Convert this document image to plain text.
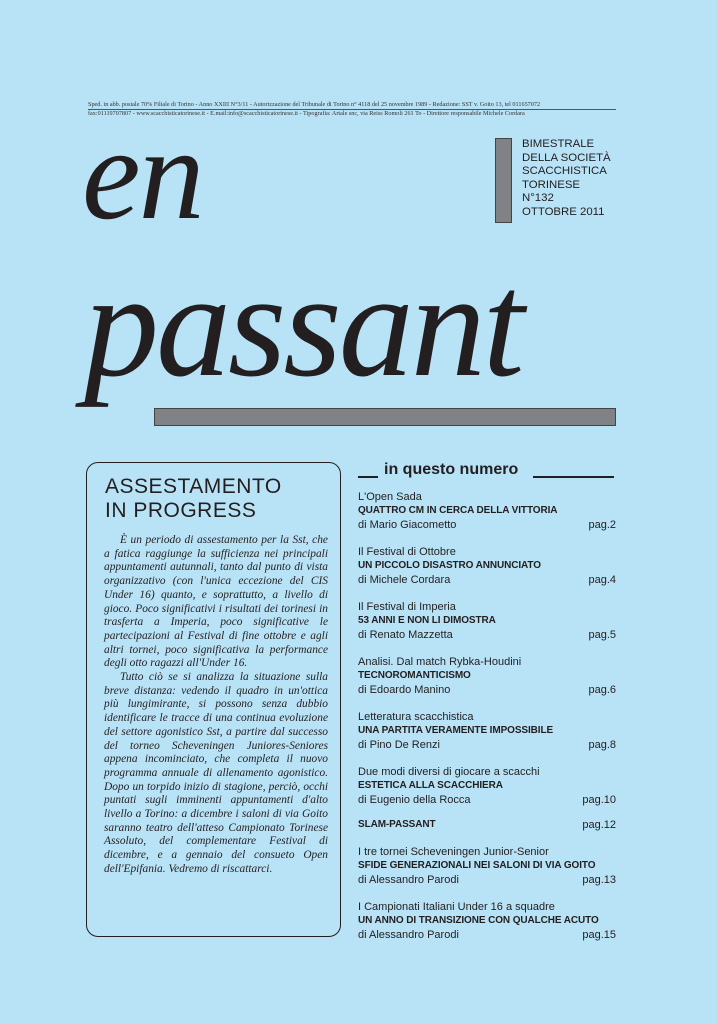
Sped. in abb. postale 70% Filiale di Torino - Anno XXIII N°3/11 - Autorizzazione del Tribunale di Torino n° 4118 del 25 novembre 1989 - Redazione: SST v. Goito 13, tel 011657072
fax:01119707807 - www.scacchisticatorinese.it - E.mail:info@scacchisticatorinese.it - Tipografia: Artale snc, via Reiss Romoli 261 To - Direttore responsabile Michele Cordara
en	BIMESTRALE
DELLA SOCIETÀ
SCACCHISTICA
TORINESE
N°132
OTTOBRE 2011
passant
ASSESTAMENTO
IN PROGRESS

È un periodo di assestamento per la Sst, che a fatica raggiunge la sufficienza nei principali appuntamenti autunnali, tanto dal punto di vista organizzativo (con l'unica eccezione del CIS Under 16) quanto, e soprattutto, a livello di gioco. Poco significativi i risultati dei torinesi in trasferta a Imperia, poco significative le partecipazioni al Festival di fine ottobre e agli altri tornei, poco significativa la performance degli otto ragazzi all'Under 16.

Tutto ciò se si analizza la situazione sulla breve distanza: vedendo il quadro in un'ottica più lungimirante, si possono senza dubbio identificare le tracce di una continua evoluzione del settore agonistico Sst, a partire dal successo del torneo Scheveningen Juniores-Seniores appena incominciato, che completa il nuovo programma annuale di allenamento agonistico. Dopo un torpido inizio di stagione, perciò, occhi puntati sugli imminenti appuntamenti d'alto livello a Torino: a dicembre i saloni di via Goito saranno teatro dell'atteso Campionato Torinese Assoluto, del complementare Festival di dicembre, e a gennaio del consueto Open dell'Epifania. Vedremo di riscattarci.

in questo numero
L'Open Sada
QUATTRO CM IN CERCA DELLA VITTORIA
di Mario Giacometto	pag.2
Il Festival di Ottobre
UN PICCOLO DISASTRO ANNUNCIATO
di Michele Cordara	pag.4
Il Festival di Imperia
53 ANNI E NON LI DIMOSTRA
di Renato Mazzetta	pag.5
Analisi. Dal match Rybka-Houdini
TECNOROMANTICISMO
di Edoardo Manino	pag.6
Letteratura scacchistica
UNA PARTITA VERAMENTE IMPOSSIBILE
di Pino De Renzi	pag.8
Due modi diversi di giocare a scacchi
ESTETICA ALLA SCACCHIERA
di Eugenio della Rocca	pag.10
SLAM-PASSANT	pag.12
I tre tornei Scheveningen Junior-Senior
SFIDE GENERAZIONALI NEI SALONI DI VIA GOITO
di Alessandro Parodi	pag.13
I Campionati Italiani Under 16 a squadre
UN ANNO DI TRANSIZIONE CON QUALCHE ACUTO
di Alessandro Parodi	pag.15
